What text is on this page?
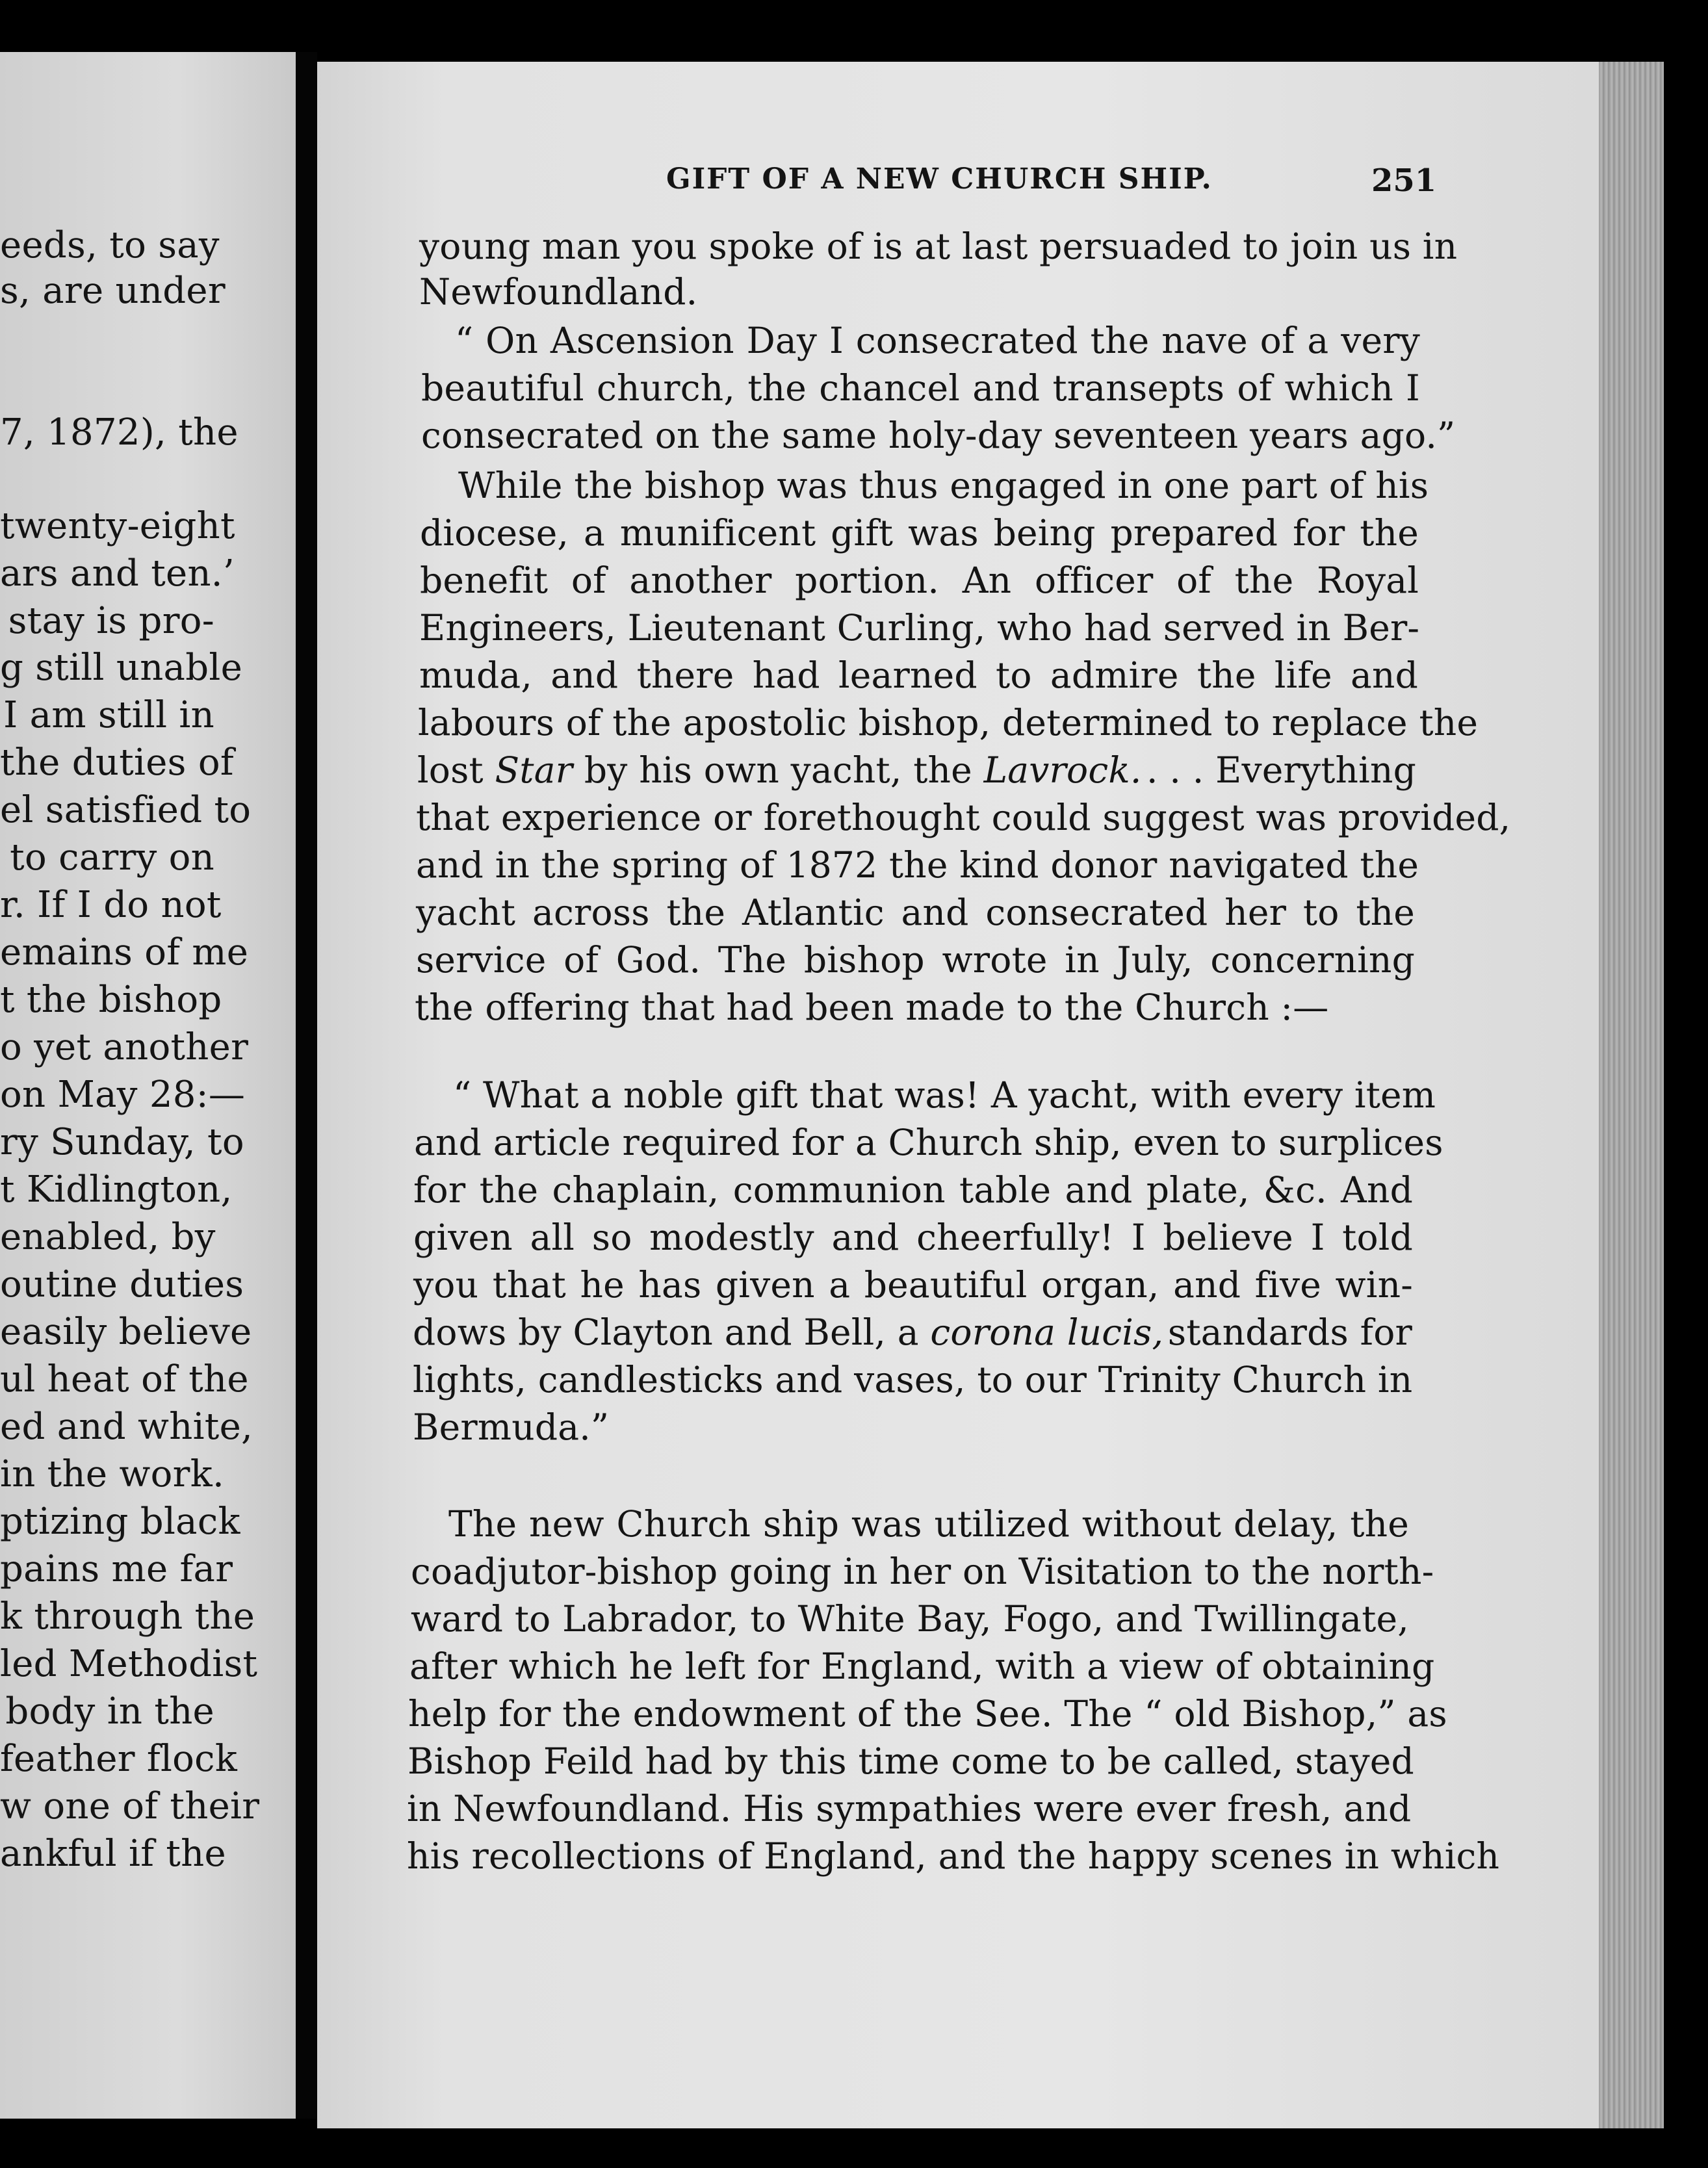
eeds, to say
s, are under
7, 1872), the
twenty-eight
ars and ten.’
stay is pro-
g still unable
I am still in
the duties of
el satisfied to
to carry on
r. If I do not
emains of me
t the bishop
o yet another
on May 28:—
ry Sunday, to
t Kidlington,
enabled, by
outine duties
easily believe
ul heat of the
ed and white,
in the work.
ptizing black
pains me far
k through the
led Methodist
body in the
feather flock
w one of their
ankful if the
GIFT OF A NEW CHURCH SHIP.	251
young man you spoke of is at last persuaded to join us in
Newfoundland.
“ On Ascension Day I consecrated the nave of a very
beautiful church, the chancel and transepts of which I
consecrated on the same holy-day seventeen years ago.”
While the bishop was thus engaged in one part of his
diocese, a munificent gift was being prepared for the
benefit of another portion. An officer of the Royal
Engineers, Lieutenant Curling, who had served in Ber-
muda, and there had learned to admire the life and
labours of the apostolic bishop, determined to replace the
lost Star by his own yacht, the Lavrock. . . . Everything
that experience or forethought could suggest was provided,
and in the spring of 1872 the kind donor navigated the
yacht across the Atlantic and consecrated her to the
service of God. The bishop wrote in July, concerning
the offering that had been made to the Church :—
“ What a noble gift that was! A yacht, with every item
and article required for a Church ship, even to surplices
for the chaplain, communion table and plate, &c. And
given all so modestly and cheerfully! I believe I told
you that he has given a beautiful organ, and five win-
dows by Clayton and Bell, a corona lucis, standards for
lights, candlesticks and vases, to our Trinity Church in
Bermuda.”
The new Church ship was utilized without delay, the
coadjutor-bishop going in her on Visitation to the north-
ward to Labrador, to White Bay, Fogo, and Twillingate,
after which he left for England, with a view of obtaining
help for the endowment of the See. The “ old Bishop,” as
Bishop Feild had by this time come to be called, stayed
in Newfoundland. His sympathies were ever fresh, and
his recollections of England, and the happy scenes in which
